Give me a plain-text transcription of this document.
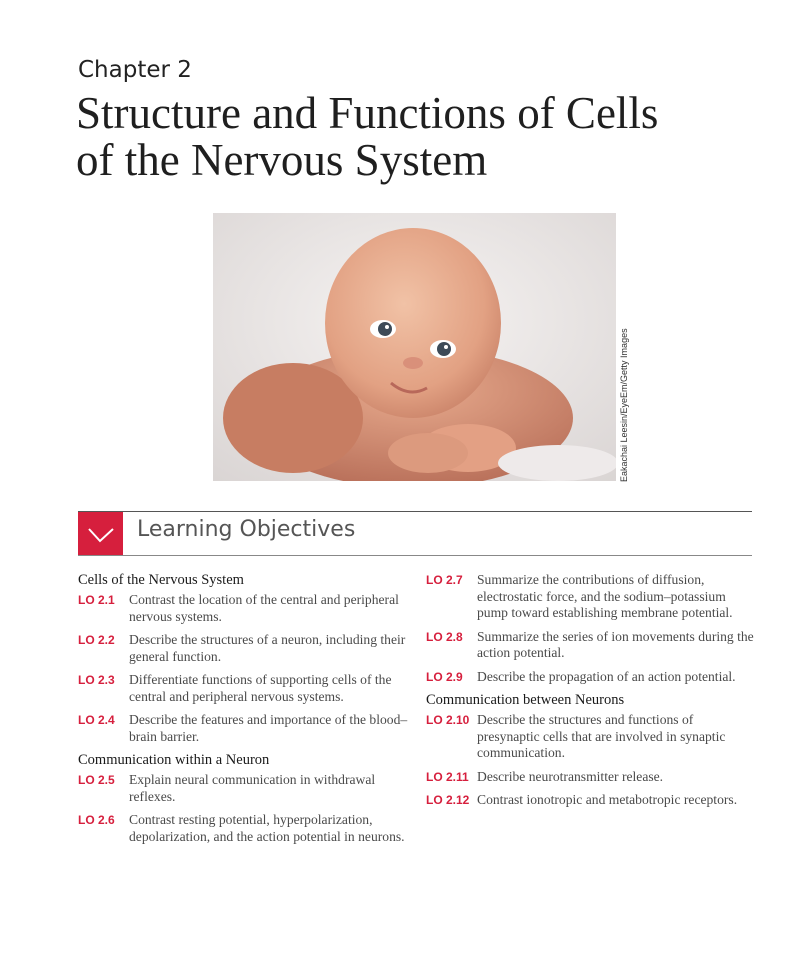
Chapter 2
Structure and Functions of Cells
of the Nervous System
Eakachai Leesin/EyeEm/Getty Images
Learning Objectives
Cells of the Nervous System
LO 2.1	Contrast the location of the central and peripheral nervous systems.
LO 2.2	Describe the structures of a neuron, including their general function.
LO 2.3	Differentiate functions of supporting cells of the central and peripheral nervous systems.
LO 2.4	Describe the features and importance of the blood–brain barrier.
Communication within a Neuron
LO 2.5	Explain neural communication in withdrawal reflexes.
LO 2.6	Contrast resting potential, hyperpolarization, depolarization, and the action potential in neurons.
LO 2.7	Summarize the contributions of diffusion, electrostatic force, and the sodium–potassium pump toward establishing membrane potential.
LO 2.8	Summarize the series of ion movements during the action potential.
LO 2.9	Describe the propagation of an action potential.
Communication between Neurons
LO 2.10 Describe the structures and functions of presynaptic cells that are involved in synaptic communication.
LO 2.11 Describe neurotransmitter release.
LO 2.12 Contrast ionotropic and metabotropic receptors.
